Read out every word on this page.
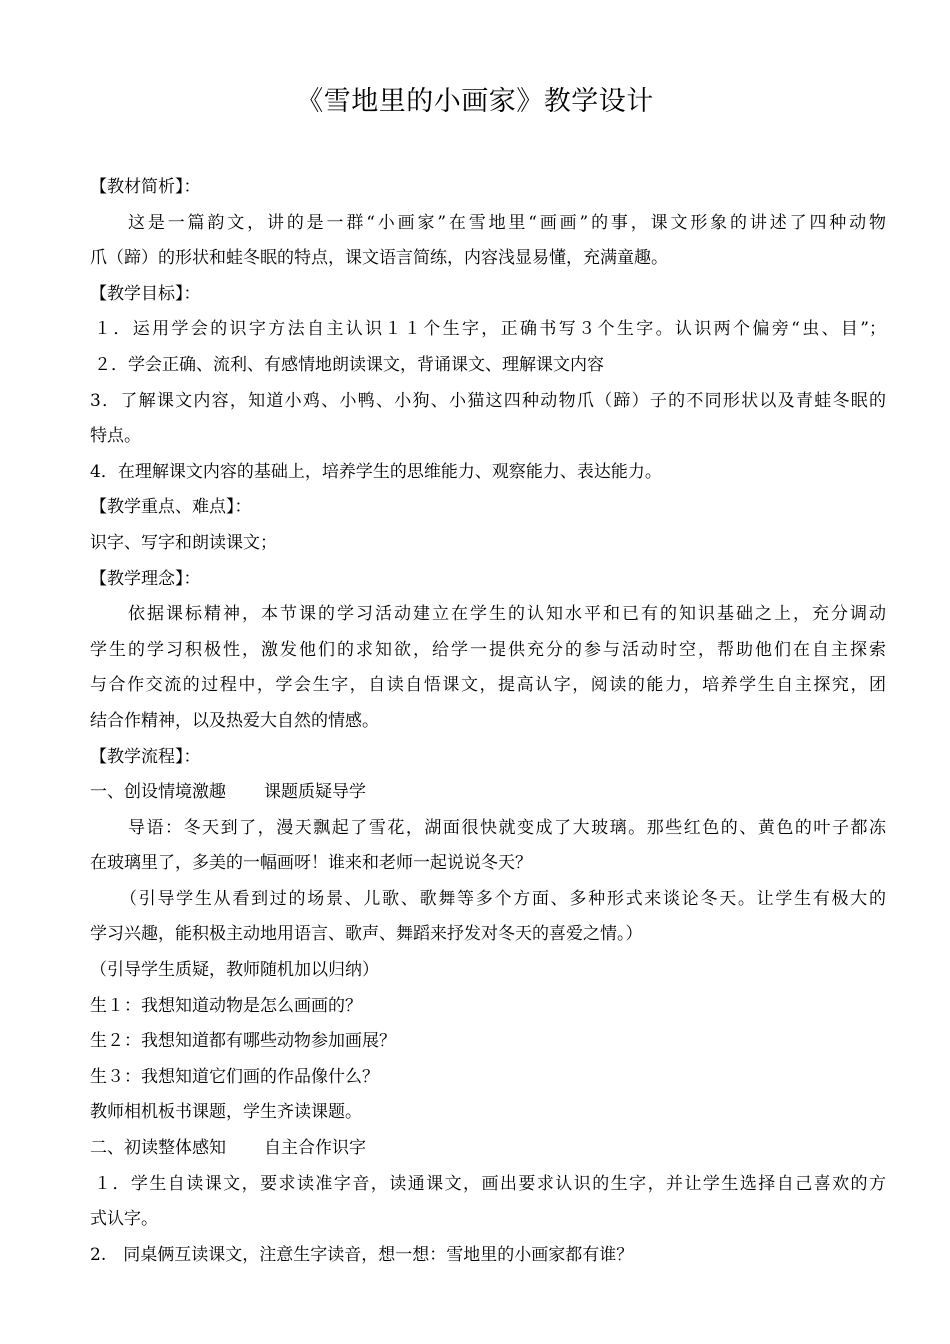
《雪地里的小画家》教学设计
【教材简析】：
这是一篇韵文，讲的是一群“小画家”在雪地里“画画”的事，课文形象的讲述了四种动物
爪（蹄）的形状和蛙冬眠的特点，课文语言简练，内容浅显易懂，充满童趣。
【教学目标】：
１．运用学会的识字方法自主认识１１个生字，正确书写３个生字。认识两个偏旁“虫、目”；
２．学会正确、流利、有感情地朗读课文，背诵课文、理解课文内容
3．了解课文内容，知道小鸡、小鸭、小狗、小猫这四种动物爪（蹄）子的不同形状以及青蛙冬眠的
特点。
4．在理解课文内容的基础上，培养学生的思维能力、观察能力、表达能力。
【教学重点、难点】：
识字、写字和朗读课文；
【教学理念】：
依据课标精神，本节课的学习活动建立在学生的认知水平和已有的知识基础之上，充分调动
学生的学习积极性，激发他们的求知欲，给学一提供充分的参与活动时空，帮助他们在自主探索
与合作交流的过程中，学会生字，自读自悟课文，提高认字，阅读的能力，培养学生自主探究，团
结合作精神，以及热爱大自然的情感。
【教学流程】：
一、创设情境激趣 课题质疑导学
导语：冬天到了，漫天飘起了雪花，湖面很快就变成了大玻璃。那些红色的、黄色的叶子都冻
在玻璃里了，多美的一幅画呀！谁来和老师一起说说冬天？
（引导学生从看到过的场景、儿歌、歌舞等多个方面、多种形式来谈论冬天。让学生有极大的
学习兴趣，能积极主动地用语言、歌声、舞蹈来抒发对冬天的喜爱之情。）
（引导学生质疑，教师随机加以归纳）
生１：我想知道动物是怎么画画的？
生２：我想知道都有哪些动物参加画展？
生３：我想知道它们画的作品像什么？
教师相机板书课题，学生齐读课题。
二、初读整体感知 自主合作识字
１．学生自读课文，要求读准字音，读通课文，画出要求认识的生字，并让学生选择自己喜欢的方
式认字。
2.　同桌俩互读课文，注意生字读音，想一想：雪地里的小画家都有谁？
